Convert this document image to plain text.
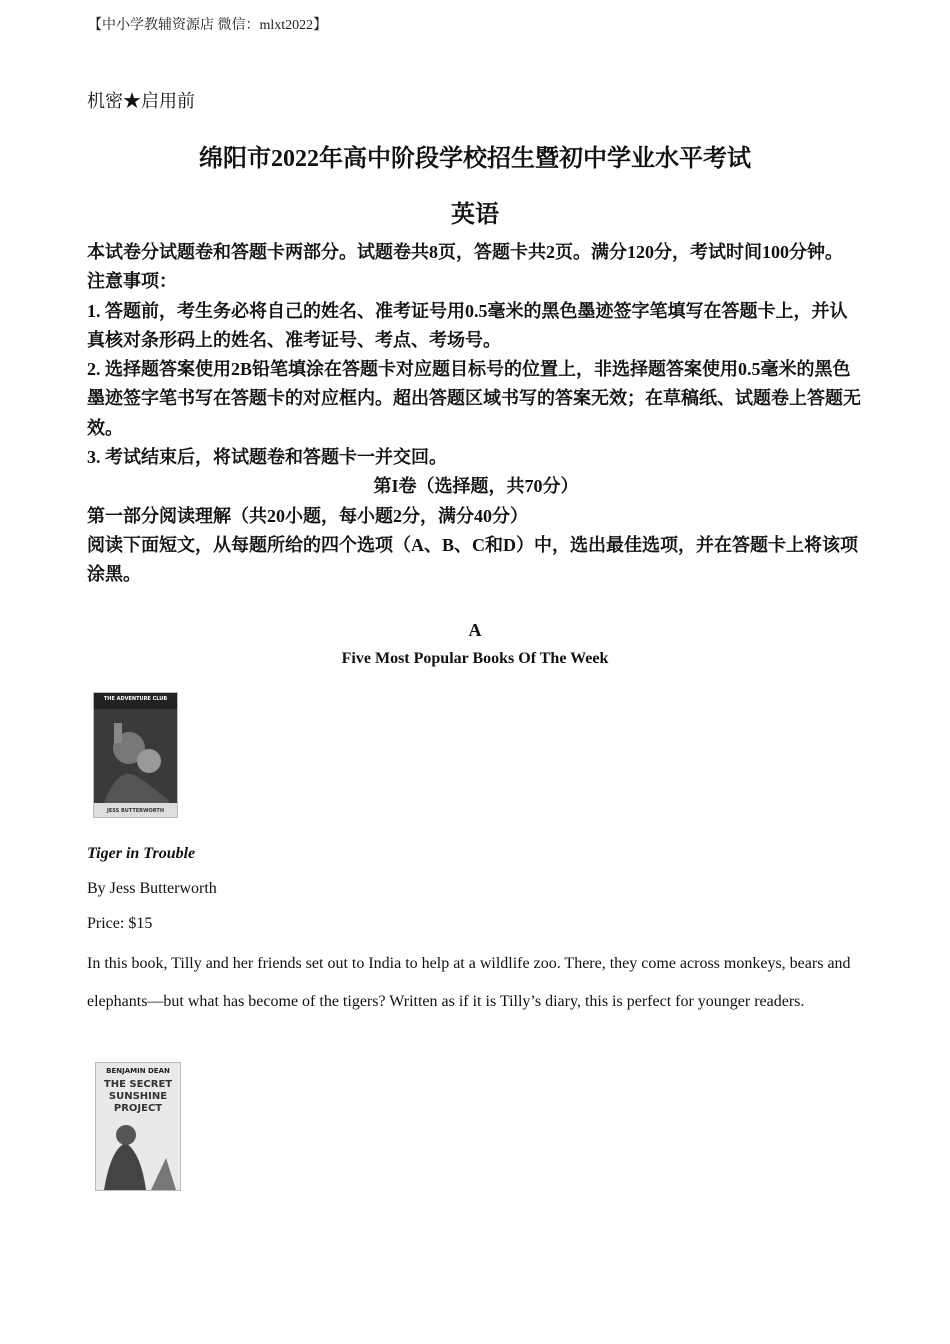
【中小学教辅资源店 微信：mlxt2022】
机密★启用前
绵阳市2022年高中阶段学校招生暨初中学业水平考试
英语

本试卷分试题卷和答题卡两部分。试题卷共8页，答题卡共2页。满分120分，考试时间100分钟。

注意事项：

1. 答题前，考生务必将自己的姓名、准考证号用0.5毫米的黑色墨迹签字笔填写在答题卡上，并认真核对条形码上的姓名、准考证号、考点、考场号。

2. 选择题答案使用2B铅笔填涂在答题卡对应题目标号的位置上，非选择题答案使用0.5毫米的黑色墨迹签字笔书写在答题卡的对应框内。超出答题区域书写的答案无效；在草稿纸、试题卷上答题无效。

3. 考试结束后，将试题卷和答题卡一并交回。

第I卷（选择题，共70分）

第一部分阅读理解（共20小题，每小题2分，满分40分）

阅读下面短文，从每题所给的四个选项（A、B、C和D）中，选出最佳选项，并在答题卡上将该项涂黑。

A
Five Most Popular Books Of The Week
THE ADVENTURE CLUB
JESS BUTTERWORTH
Tiger in Trouble
By Jess Butterworth
Price: $15
In this book, Tilly and her friends set out to India to help at a wildlife zoo. There, they come across monkeys, bears and elephants—but what has become of the tigers? Written as if it is Tilly’s diary, this is perfect for younger readers.
BENJAMIN DEAN
THE SECRET SUNSHINE PROJECT
